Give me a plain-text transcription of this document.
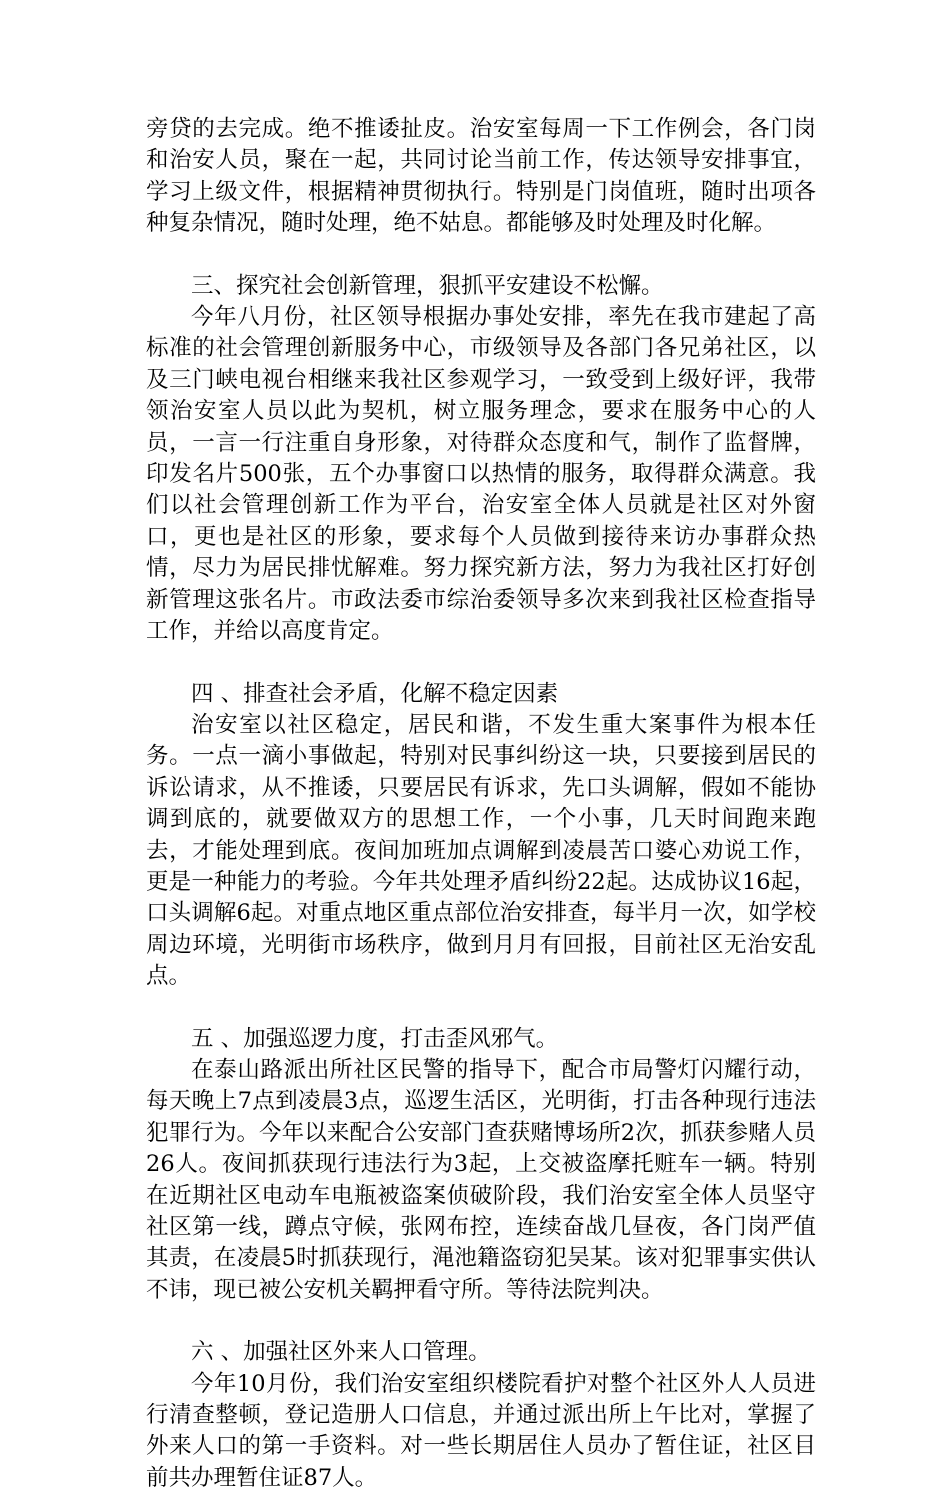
旁贷的去完成。绝不推诿扯皮。治安室每周一下工作例会，各门岗和治安人员，聚在一起，共同讨论当前工作，传达领导安排事宜，学习上级文件，根据精神贯彻执行。特别是门岗值班，随时出项各种复杂情况，随时处理，绝不姑息。都能够及时处理及时化解。

三、探究社会创新管理，狠抓平安建设不松懈。

今年八月份，社区领导根据办事处安排，率先在我市建起了高标准的社会管理创新服务中心，市级领导及各部门各兄弟社区，以及三门峡电视台相继来我社区参观学习，一致受到上级好评，我带领治安室人员以此为契机，树立服务理念，要求在服务中心的人员，一言一行注重自身形象，对待群众态度和气，制作了监督牌，印发名片500张，五个办事窗口以热情的服务，取得群众满意。我们以社会管理创新工作为平台，治安室全体人员就是社区对外窗口，更也是社区的形象，要求每个人员做到接待来访办事群众热情，尽力为居民排忧解难。努力探究新方法，努力为我社区打好创新管理这张名片。市政法委市综治委领导多次来到我社区检查指导工作，并给以高度肯定。

四 、排查社会矛盾，化解不稳定因素

治安室以社区稳定，居民和谐，不发生重大案事件为根本任务。一点一滴小事做起，特别对民事纠纷这一块，只要接到居民的诉讼请求，从不推诿，只要居民有诉求，先口头调解，假如不能协调到底的，就要做双方的思想工作，一个小事，几天时间跑来跑去，才能处理到底。夜间加班加点调解到凌晨苦口婆心劝说工作，更是一种能力的考验。今年共处理矛盾纠纷22起。达成协议16起，口头调解6起。对重点地区重点部位治安排查，每半月一次，如学校周边环境，光明街市场秩序，做到月月有回报，目前社区无治安乱点。

五 、加强巡逻力度，打击歪风邪气。

在泰山路派出所社区民警的指导下，配合市局警灯闪耀行动，每天晚上7点到凌晨3点，巡逻生活区，光明街，打击各种现行违法犯罪行为。今年以来配合公安部门查获赌博场所2次，抓获参赌人员26人。夜间抓获现行违法行为3起，上交被盗摩托赃车一辆。特别在近期社区电动车电瓶被盗案侦破阶段，我们治安室全体人员坚守社区第一线，蹲点守候，张网布控，连续奋战几昼夜，各门岗严值其责，在凌晨5时抓获现行，渑池籍盗窃犯吴某。该对犯罪事实供认不讳，现已被公安机关羁押看守所。等待法院判决。

六 、加强社区外来人口管理。

今年10月份，我们治安室组织楼院看护对整个社区外人人员进行清查整顿，登记造册人口信息，并通过派出所上午比对，掌握了外来人口的第一手资料。对一些长期居住人员办了暂住证，社区目前共办理暂住证87人。
